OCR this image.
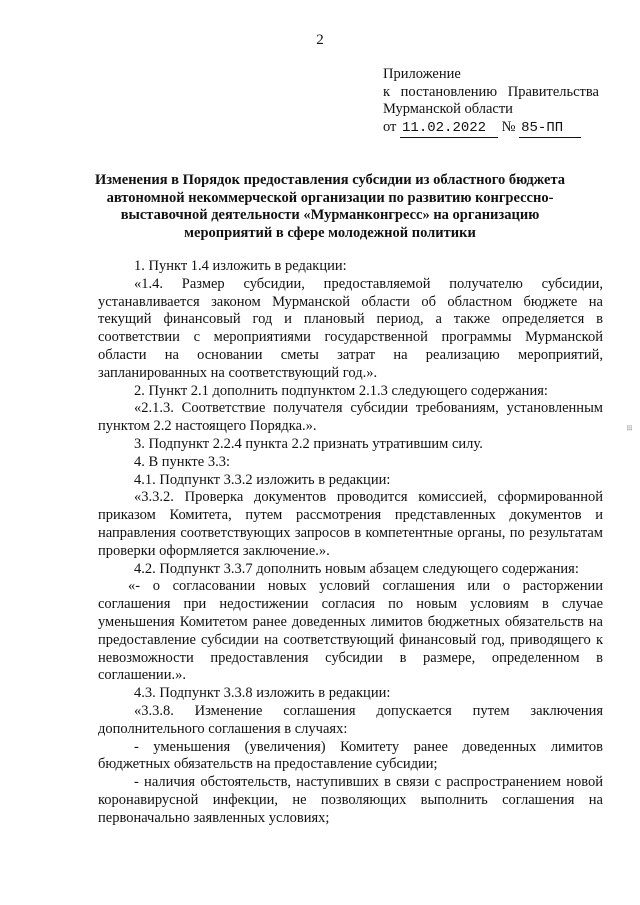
2
Приложение
к постановлению Правительства
Мурманской области
от 11.02.2022 № 85-ПП
Изменения в Порядок предоставления субсидии из областного бюджета
автономной некоммерческой организации по развитию конгрессно-
выставочной деятельности «Мурманконгресс» на организацию
мероприятий в сфере молодежной политики

1. Пункт 1.4 изложить в редакции:

«1.4. Размер субсидии, предоставляемой получателю субсидии, устанавливается законом Мурманской области об областном бюджете на текущий финансовый год и плановый период, а также определяется в соответствии с мероприятиями государственной программы Мурманской области на основании сметы затрат на реализацию мероприятий, запланированных на соответствующий год.».

2. Пункт 2.1 дополнить подпунктом 2.1.3 следующего содержания:

«2.1.3. Соответствие получателя субсидии требованиям, установленным пунктом 2.2 настоящего Порядка.».

3. Подпункт 2.2.4 пункта 2.2 признать утратившим силу.

4. В пункте 3.3:

4.1. Подпункт 3.3.2 изложить в редакции:

«3.3.2. Проверка документов проводится комиссией, сформированной приказом Комитета, путем рассмотрения представленных документов и направления соответствующих запросов в компетентные органы, по результатам проверки оформляется заключение.».

4.2. Подпункт 3.3.7 дополнить новым абзацем следующего содержания:

«- о согласовании новых условий соглашения или о расторжении соглашения при недостижении согласия по новым условиям в случае уменьшения Комитетом ранее доведенных лимитов бюджетных обязательств на предоставление субсидии на соответствующий финансовый год, приводящего к невозможности предоставления субсидии в размере, определенном в соглашении.».

4.3. Подпункт 3.3.8 изложить в редакции:

«3.3.8. Изменение соглашения допускается путем заключения дополнительного соглашения в случаях:

- уменьшения (увеличения) Комитету ранее доведенных лимитов бюджетных обязательств на предоставление субсидии;

- наличия обстоятельств, наступивших в связи с распространением новой коронавирусной инфекции, не позволяющих выполнить соглашения на первоначально заявленных условиях;

⁞⁞⁞
